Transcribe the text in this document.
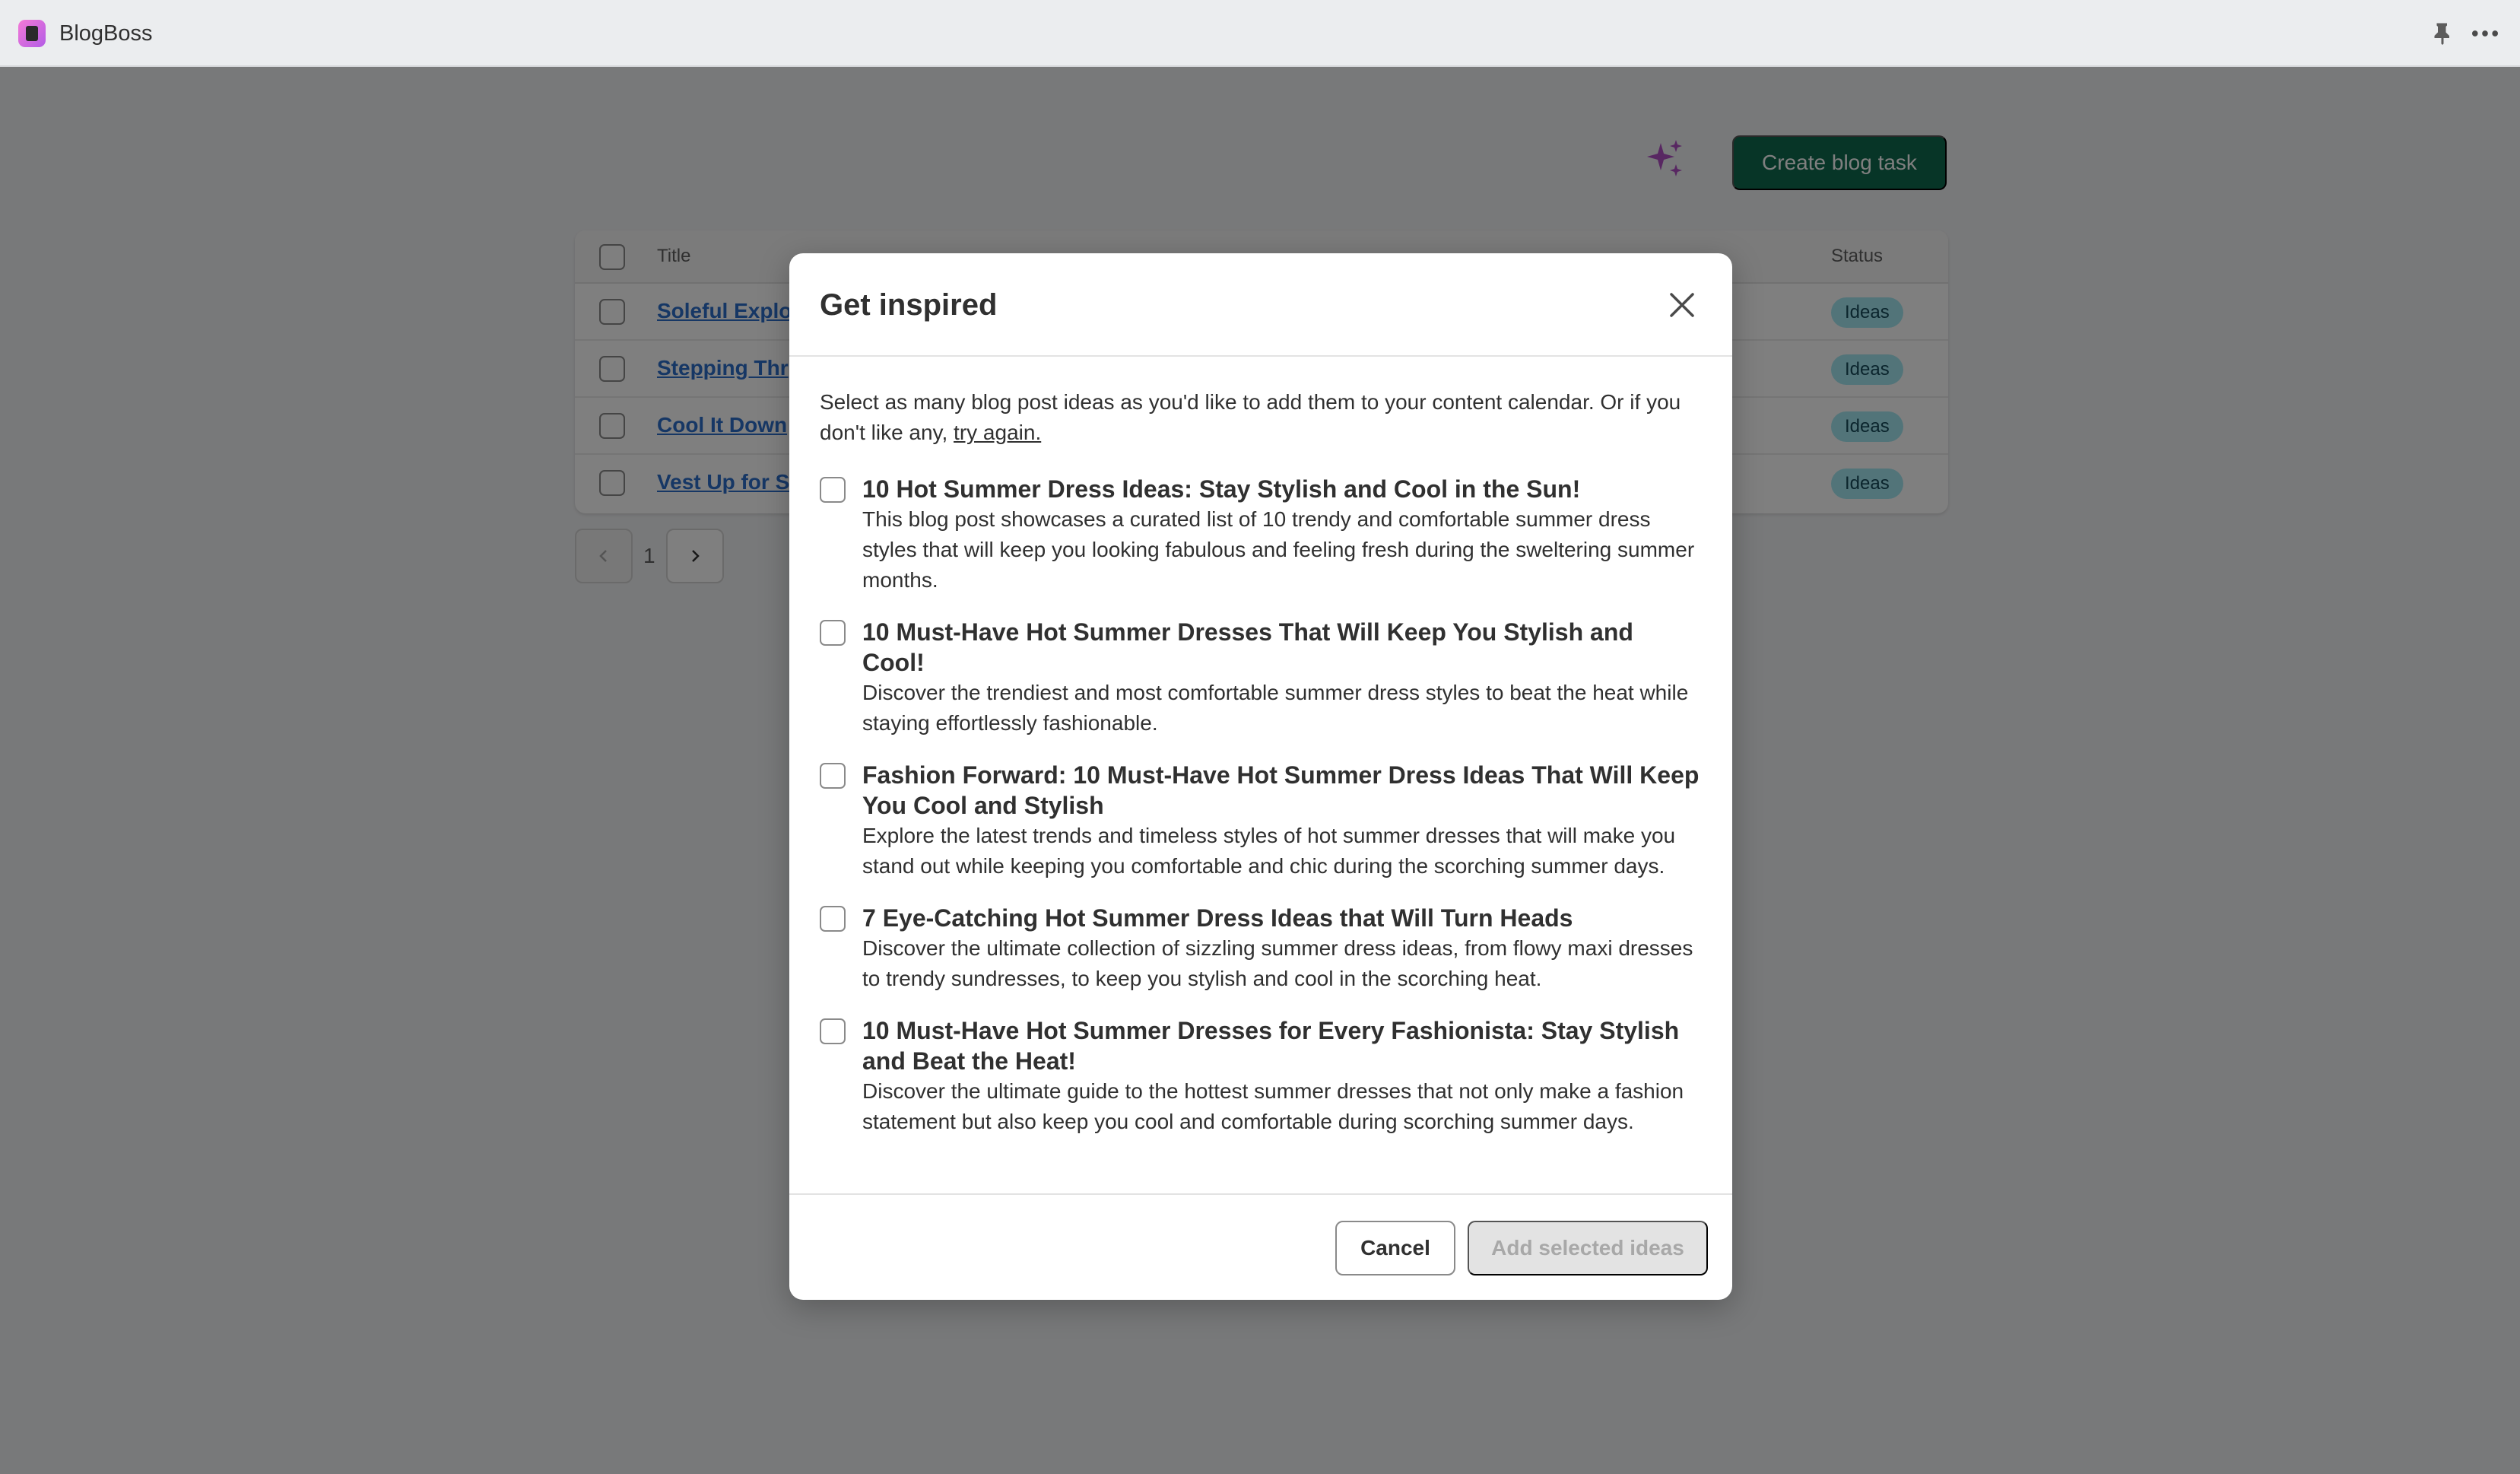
BlogBoss
Get inspired

Select as many blog post ideas as you'd like to add them to your content calendar. Or if you don't like any, try again.

10 Hot Summer Dress Ideas: Stay Stylish and Cool in the Sun!
This blog post showcases a curated list of 10 trendy and comfortable summer dress styles that will keep you looking fabulous and feeling fresh during the sweltering summer months.
10 Must-Have Hot Summer Dresses That Will Keep You Stylish and Cool!
Discover the trendiest and most comfortable summer dress styles to beat the heat while staying effortlessly fashionable.
Fashion Forward: 10 Must-Have Hot Summer Dress Ideas That Will Keep You Cool and Stylish
Explore the latest trends and timeless styles of hot summer dresses that will make you stand out while keeping you comfortable and chic during the scorching summer days.
7 Eye-Catching Hot Summer Dress Ideas that Will Turn Heads
Discover the ultimate collection of sizzling summer dress ideas, from flowy maxi dresses to trendy sundresses, to keep you stylish and cool in the scorching heat.
10 Must-Have Hot Summer Dresses for Every Fashionista: Stay Stylish and Beat the Heat!
Discover the ultimate guide to the hottest summer dresses that not only make a fashion statement but also keep you cool and comfortable during scorching summer days.
Cancel	Add selected ideas
